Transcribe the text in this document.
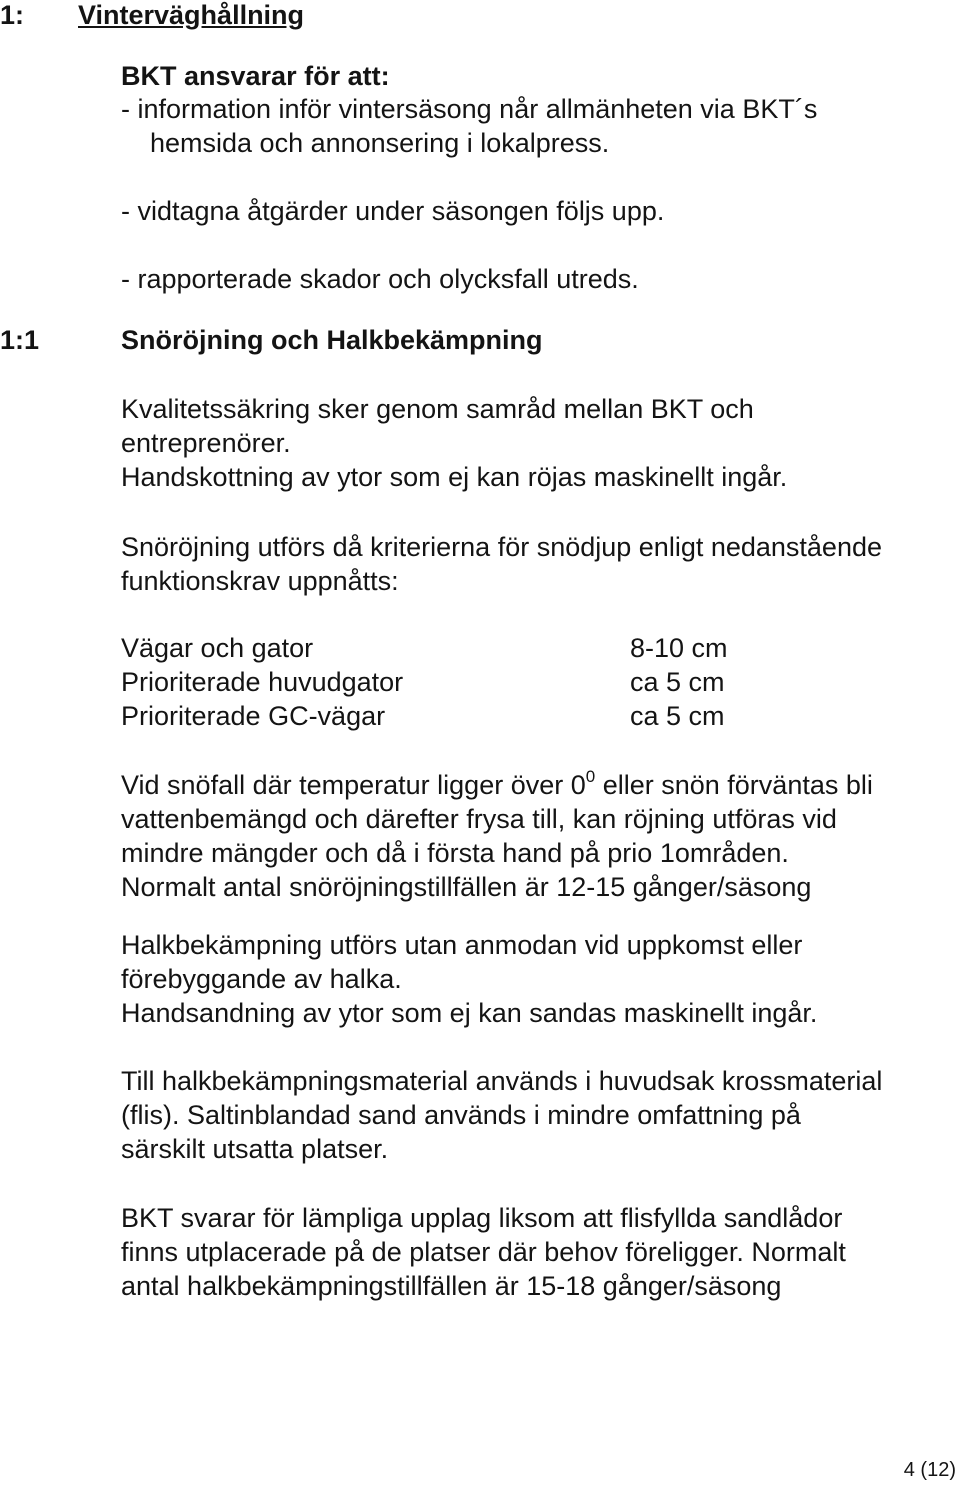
1: Vinterväghållning
BKT ansvarar för att:
- information inför vintersäsong når allmänheten via BKT´s
hemsida och annonsering i lokalpress.
- vidtagna åtgärder under säsongen följs upp.
- rapporterade skador och olycksfall utreds.
1:1	Snöröjning och Halkbekämpning
Kvalitetssäkring sker genom samråd mellan BKT och
entreprenörer.
Handskottning av ytor som ej kan röjas maskinellt ingår.
Snöröjning utförs då kriterierna för snödjup enligt nedanstående
funktionskrav uppnåtts:
Vägar och gator	8-10 cm
Prioriterade huvudgator	ca 5 cm
Prioriterade GC-vägar	ca 5 cm
Vid snöfall där temperatur ligger över $0^0$ eller snön förväntas bli
vattenbemängd och därefter frysa till, kan röjning utföras vid
mindre mängder och då i första hand på prio 1områden.
Normalt antal snöröjningstillfällen är 12-15 gånger/säsong
Halkbekämpning utförs utan anmodan vid uppkomst eller
förebyggande av halka.
Handsandning av ytor som ej kan sandas maskinellt ingår.
Till halkbekämpningsmaterial används i huvudsak krossmaterial
(flis). Saltinblandad sand används i mindre omfattning på
särskilt utsatta platser.
BKT svarar för lämpliga upplag liksom att flisfyllda sandlådor
finns utplacerade på de platser där behov föreligger. Normalt
antal halkbekämpningstillfällen är 15-18 gånger/säsong
4 (12)
